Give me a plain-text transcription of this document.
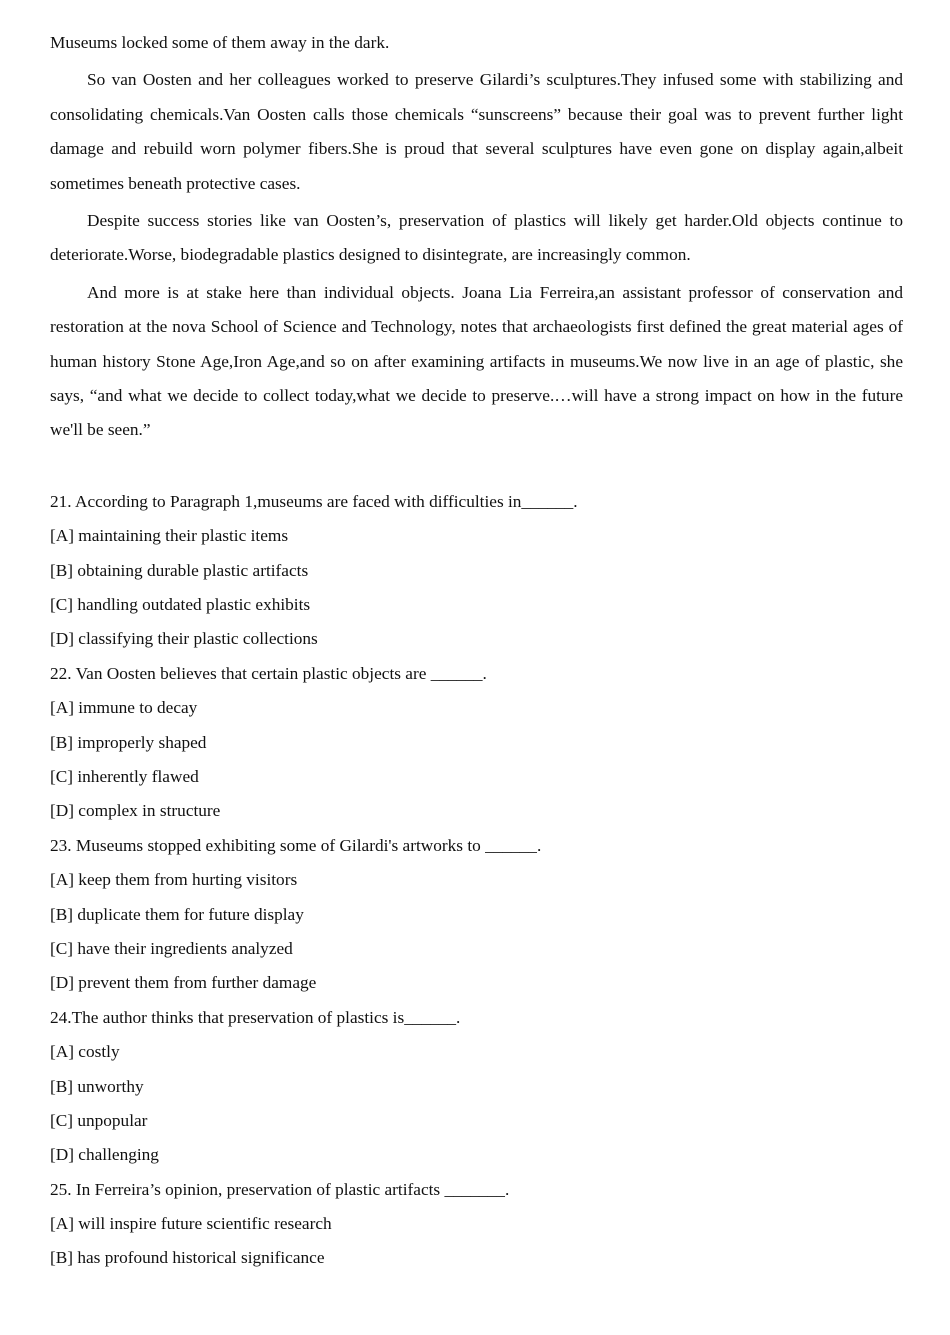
Museums locked some of them away in the dark.

So van Oosten and her colleagues worked to preserve Gilardi’s sculptures.They infused some with stabilizing and consolidating chemicals.Van Oosten calls those chemicals “sunscreens” because their goal was to prevent further light damage and rebuild worn polymer fibers.She is proud that several sculptures have even gone on display again,albeit sometimes beneath protective cases.

Despite success stories like van Oosten’s, preservation of plastics will likely get harder.Old objects continue to deteriorate.Worse, biodegradable plastics designed to disintegrate, are increasingly common.

And more is at stake here than individual objects. Joana Lia Ferreira,an assistant professor of conservation and restoration at the nova School of Science and Technology, notes that archaeologists first defined the great material ages of human history Stone Age,Iron Age,and so on after examining artifacts in museums.We now live in an age of plastic, she says, “and what we decide to collect today,what we decide to preserve.…will have a strong impact on how in the future we'll be seen.”

21. According to Paragraph 1,museums are faced with difficulties in______.
[A] maintaining their plastic items
[B] obtaining durable plastic artifacts
[C] handling outdated plastic exhibits
[D] classifying their plastic collections
22. Van Oosten believes that certain plastic objects are ______.
[A] immune to decay
[B] improperly shaped
[C] inherently flawed
[D] complex in structure
23. Museums stopped exhibiting some of Gilardi's artworks to ______.
[A] keep them from hurting visitors
[B] duplicate them for future display
[C] have their ingredients analyzed
[D] prevent them from further damage
24.The author thinks that preservation of plastics is______.
[A] costly
[B] unworthy
[C] unpopular
[D] challenging
25. In Ferreira’s opinion, preservation of plastic artifacts _______.
[A] will inspire future scientific research
[B] has profound historical significance
